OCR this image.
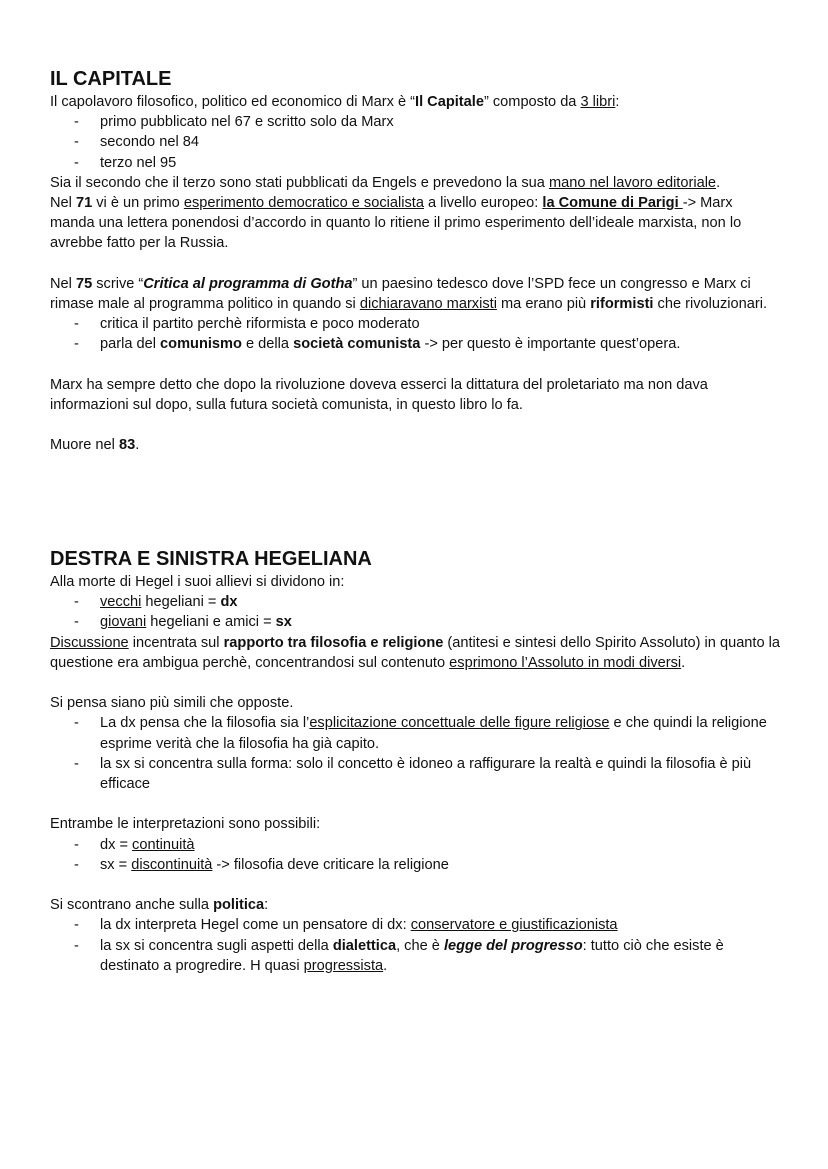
IL CAPITALE

Il capolavoro filosofico, politico ed economico di Marx è “Il Capitale” composto da 3 libri:

- primo pubblicato nel 67 e scritto solo da Marx
- secondo nel 84
- terzo nel 95

Sia il secondo che il terzo sono stati pubblicati da Engels e prevedono la sua mano nel lavoro editoriale.

Nel 71 vi è un primo esperimento democratico e socialista a livello europeo: la Comune di Parigi -> Marx manda una lettera ponendosi d’accordo in quanto lo ritiene il primo esperimento dell’ideale marxista, non lo avrebbe fatto per la Russia.

Nel 75 scrive “Critica al programma di Gotha” un paesino tedesco dove l’SPD fece un congresso e Marx ci rimase male al programma politico in quando si dichiaravano marxisti ma erano più riformisti che rivoluzionari.

- critica il partito perchè riformista e poco moderato
- parla del comunismo e della società comunista -> per questo è importante quest’opera.

Marx ha sempre detto che dopo la rivoluzione doveva esserci la dittatura del proletariato ma non dava informazioni sul dopo, sulla futura società comunista, in questo libro lo fa.

Muore nel 83.

DESTRA E SINISTRA HEGELIANA

Alla morte di Hegel i suoi allievi si dividono in:

- vecchi hegeliani = dx
- giovani hegeliani e amici = sx

Discussione incentrata sul rapporto tra filosofia e religione (antitesi e sintesi dello Spirito Assoluto) in quanto la questione era ambigua perchè, concentrandosi sul contenuto esprimono l’Assoluto in modi diversi.

Si pensa siano più simili che opposte.

- La dx pensa che la filosofia sia l’esplicitazione concettuale delle figure religiose e che quindi la religione esprime verità che la filosofia ha già capito.
- la sx si concentra sulla forma: solo il concetto è idoneo a raffigurare la realtà e quindi la filosofia è più efficace

Entrambe le interpretazioni sono possibili:

- dx = continuità
- sx = discontinuità -> filosofia deve criticare la religione

Si scontrano anche sulla politica:

- la dx interpreta Hegel come un pensatore di dx: conservatore e giustificazionista
- la sx si concentra sugli aspetti della dialettica, che è legge del progresso: tutto ciò che esiste è destinato a progredire. H quasi progressista.
